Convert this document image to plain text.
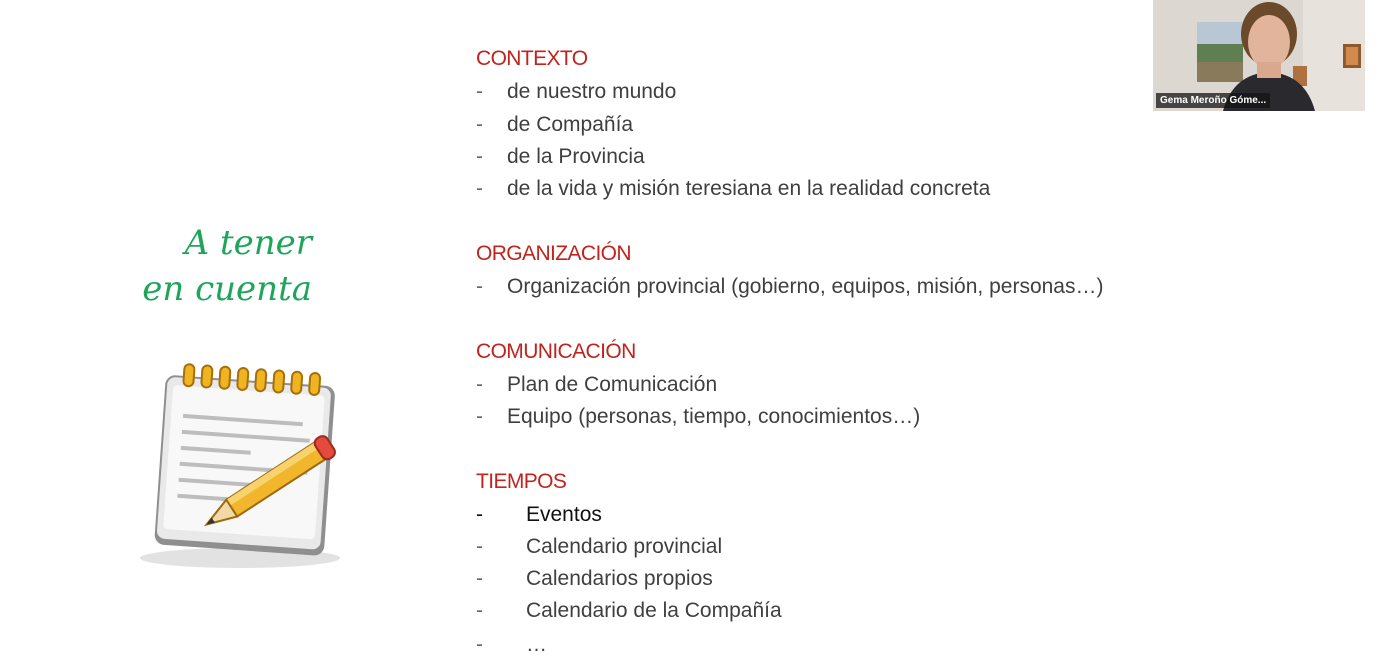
A tener
en cuenta
CONTEXTO
- de nuestro mundo
- de Compañía
- de la Provincia
- de la vida y misión teresiana en la realidad concreta
ORGANIZACIÓN
- Organización provincial (gobierno, equipos, misión, personas…)
COMUNICACIÓN
- Plan de Comunicación
- Equipo (personas, tiempo, conocimientos…)
TIEMPOS
- Eventos
- Calendario provincial
- Calendarios propios
- Calendario de la Compañía
- …
Gema Meroño Góme...
